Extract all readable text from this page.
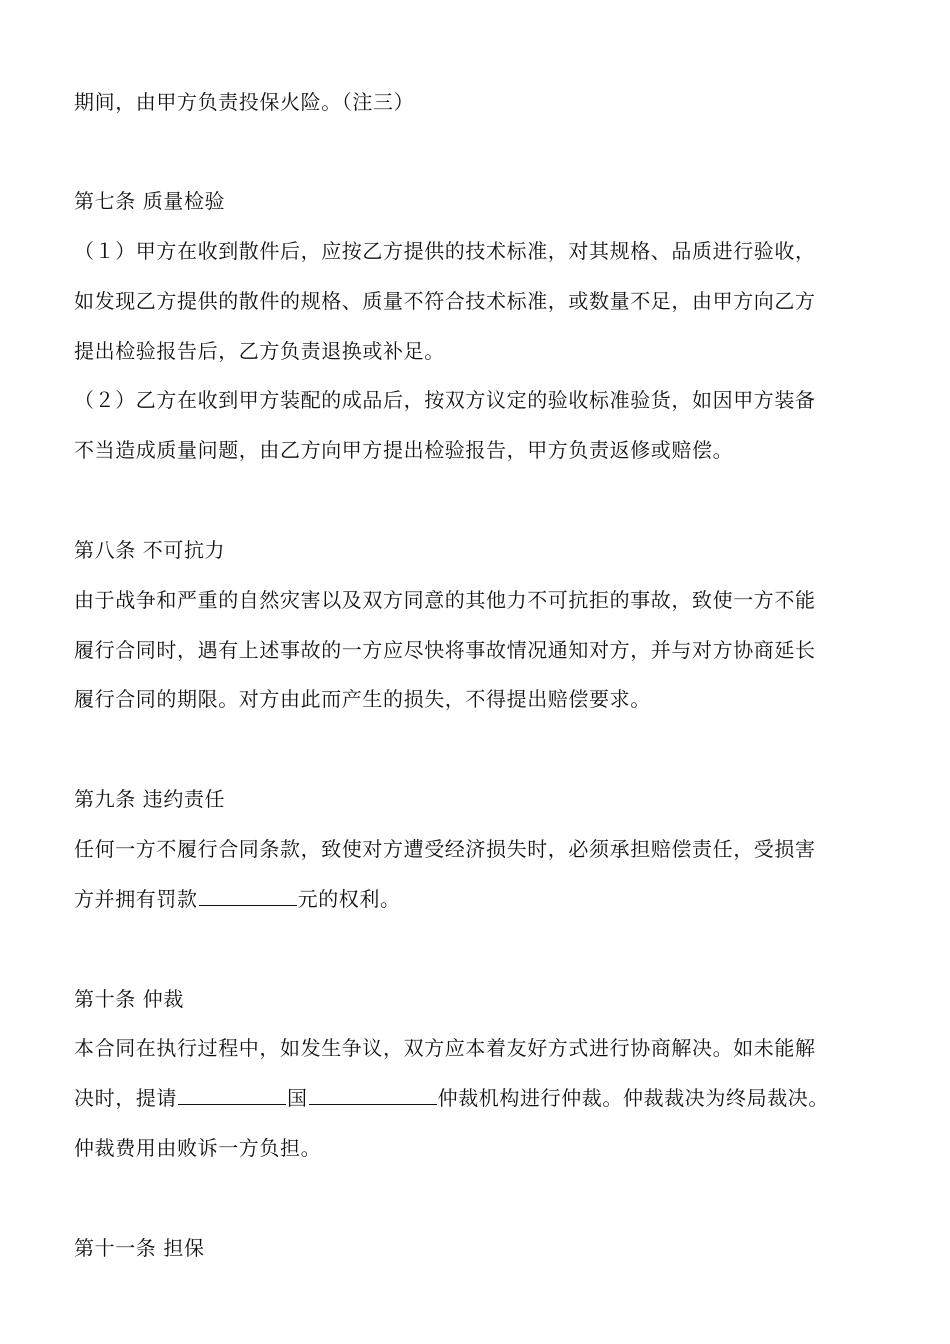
期间，由甲方负责投保火险。（注三）
第七条 质量检验
（１）甲方在收到散件后，应按乙方提供的技术标准，对其规格、品质进行验收，
如发现乙方提供的散件的规格、质量不符合技术标准，或数量不足，由甲方向乙方
提出检验报告后，乙方负责退换或补足。
（２）乙方在收到甲方装配的成品后，按双方议定的验收标准验货，如因甲方装备
不当造成质量问题，由乙方向甲方提出检验报告，甲方负责返修或赔偿。
第八条 不可抗力
由于战争和严重的自然灾害以及双方同意的其他力不可抗拒的事故，致使一方不能
履行合同时，遇有上述事故的一方应尽快将事故情况通知对方，并与对方协商延长
履行合同的期限。对方由此而产生的损失，不得提出赔偿要求。
第九条 违约责任
任何一方不履行合同条款，致使对方遭受经济损失时，必须承担赔偿责任，受损害
方并拥有罚款	元的权利。
第十条 仲裁
本合同在执行过程中，如发生争议，双方应本着友好方式进行协商解决。如未能解
决时，提请	国	仲裁机构进行仲裁。仲裁裁决为终局裁决。
仲裁费用由败诉一方负担。
第十一条 担保
